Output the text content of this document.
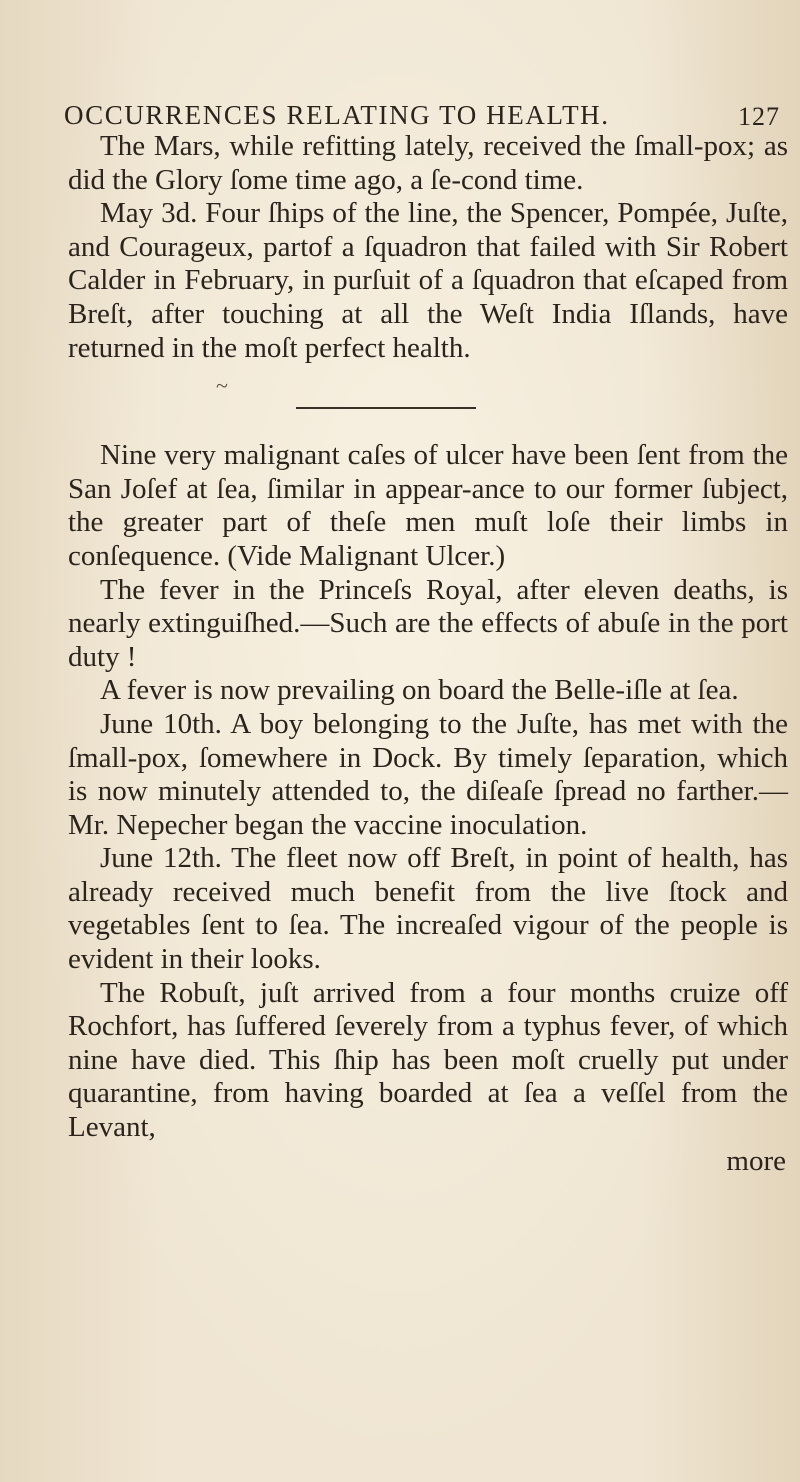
OCCURRENCES RELATING TO HEALTH.	127

The Mars, while refitting lately, received the ſmall-pox; as did the Glory ſome time ago, a ſe-cond time.

May 3d. Four ſhips of the line, the Spencer, Pompée, Juſte, and Courageux, partof a ſquadron that failed with Sir Robert Calder in February, in purſuit of a ſquadron that eſcaped from Breſt, after touching at all the Weſt India Iſlands, have returned in the moſt perfect health.

~

Nine very malignant caſes of ulcer have been ſent from the San Joſef at ſea, ſimilar in appear-ance to our former ſubject, the greater part of theſe men muſt loſe their limbs in conſequence. (Vide Malignant Ulcer.)

The fever in the Princeſs Royal, after eleven deaths, is nearly extinguiſhed.—Such are the effects of abuſe in the port duty !

A fever is now prevailing on board the Belle-iſle at ſea.

June 10th. A boy belonging to the Juſte, has met with the ſmall-pox, ſomewhere in Dock. By timely ſeparation, which is now minutely attended to, the diſeaſe ſpread no farther.—Mr. Nepecher began the vaccine inoculation.

June 12th. The fleet now off Breſt, in point of health, has already received much benefit from the live ſtock and vegetables ſent to ſea. The increaſed vigour of the people is evident in their looks.

The Robuſt, juſt arrived from a four months cruize off Rochfort, has ſuffered ſeverely from a typhus fever, of which nine have died. This ſhip has been moſt cruelly put under quarantine, from having boarded at ſea a veſſel from the Levant,

more
